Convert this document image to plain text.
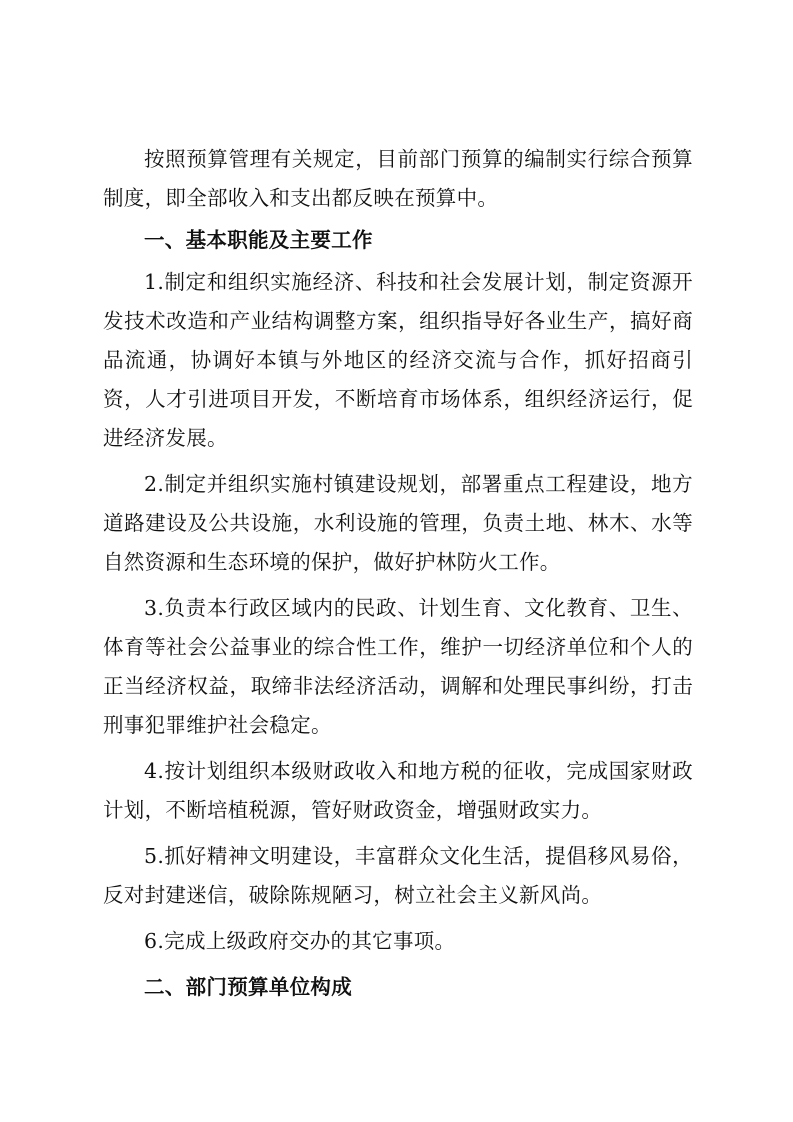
按照预算管理有关规定，目前部门预算的编制实行综合预算制度，即全部收入和支出都反映在预算中。

一、基本职能及主要工作

1.制定和组织实施经济、科技和社会发展计划，制定资源开发技术改造和产业结构调整方案，组织指导好各业生产，搞好商品流通，协调好本镇与外地区的经济交流与合作，抓好招商引资，人才引进项目开发，不断培育市场体系，组织经济运行，促进经济发展。

2.制定并组织实施村镇建设规划，部署重点工程建设，地方道路建设及公共设施，水利设施的管理，负责土地、林木、水等自然资源和生态环境的保护，做好护林防火工作。

3.负责本行政区域内的民政、计划生育、文化教育、卫生、体育等社会公益事业的综合性工作，维护一切经济单位和个人的正当经济权益，取缔非法经济活动，调解和处理民事纠纷，打击刑事犯罪维护社会稳定。

4.按计划组织本级财政收入和地方税的征收，完成国家财政计划，不断培植税源，管好财政资金，增强财政实力。

5.抓好精神文明建设，丰富群众文化生活，提倡移风易俗，反对封建迷信，破除陈规陋习，树立社会主义新风尚。

6.完成上级政府交办的其它事项。

二、部门预算单位构成
